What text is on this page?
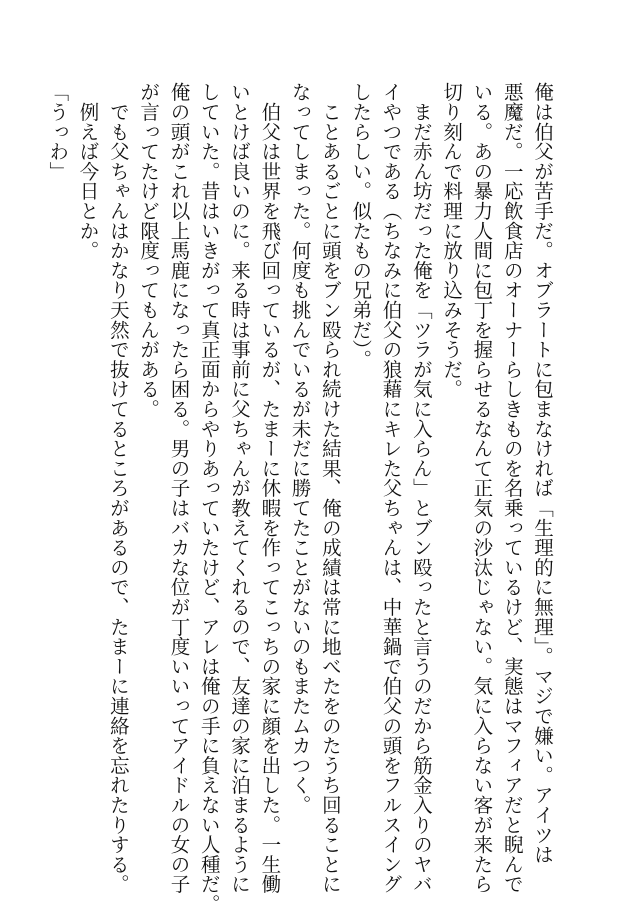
俺は伯父が苦手だ。オブラートに包まなければ「生理的に無理」。マジで嫌い。アイツは

悪魔だ。一応飲食店のオーナーらしきものを名乗っているけど、実態はマフィアだと睨んで

いる。あの暴力人間に包丁を握らせるなんて正気の沙汰じゃない。気に入らない客が来たら

切り刻んで料理に放り込みそうだ。

　まだ赤ん坊だった俺を「ツラが気に入らん」とブン殴ったと言うのだから筋金入りのヤバ

イやつである（ちなみに伯父の狼藉にキレた父ちゃんは、中華鍋で伯父の頭をフルスイング

したらしい。似たもの兄弟だ）。

　ことあるごとに頭をブン殴られ続けた結果、俺の成績は常に地べたをのたうち回ることに

なってしまった。何度も挑んでいるが未だに勝てたことがないのもまたムカつく。

　伯父は世界を飛び回っているが、たまーに休暇を作ってこっちの家に顔を出した。一生働

いとけば良いのに。来る時は事前に父ちゃんが教えてくれるので、友達の家に泊まるように

していた。昔はいきがって真正面からやりあっていたけど、アレは俺の手に負えない人種だ。

俺の頭がこれ以上馬鹿になったら困る。男の子はバカな位が丁度いいってアイドルの女の子

が言ってたけど限度ってもんがある。

　でも父ちゃんはかなり天然で抜けてるところがあるので、たまーに連絡を忘れたりする。

　例えば今日とか。

「うっわ」
